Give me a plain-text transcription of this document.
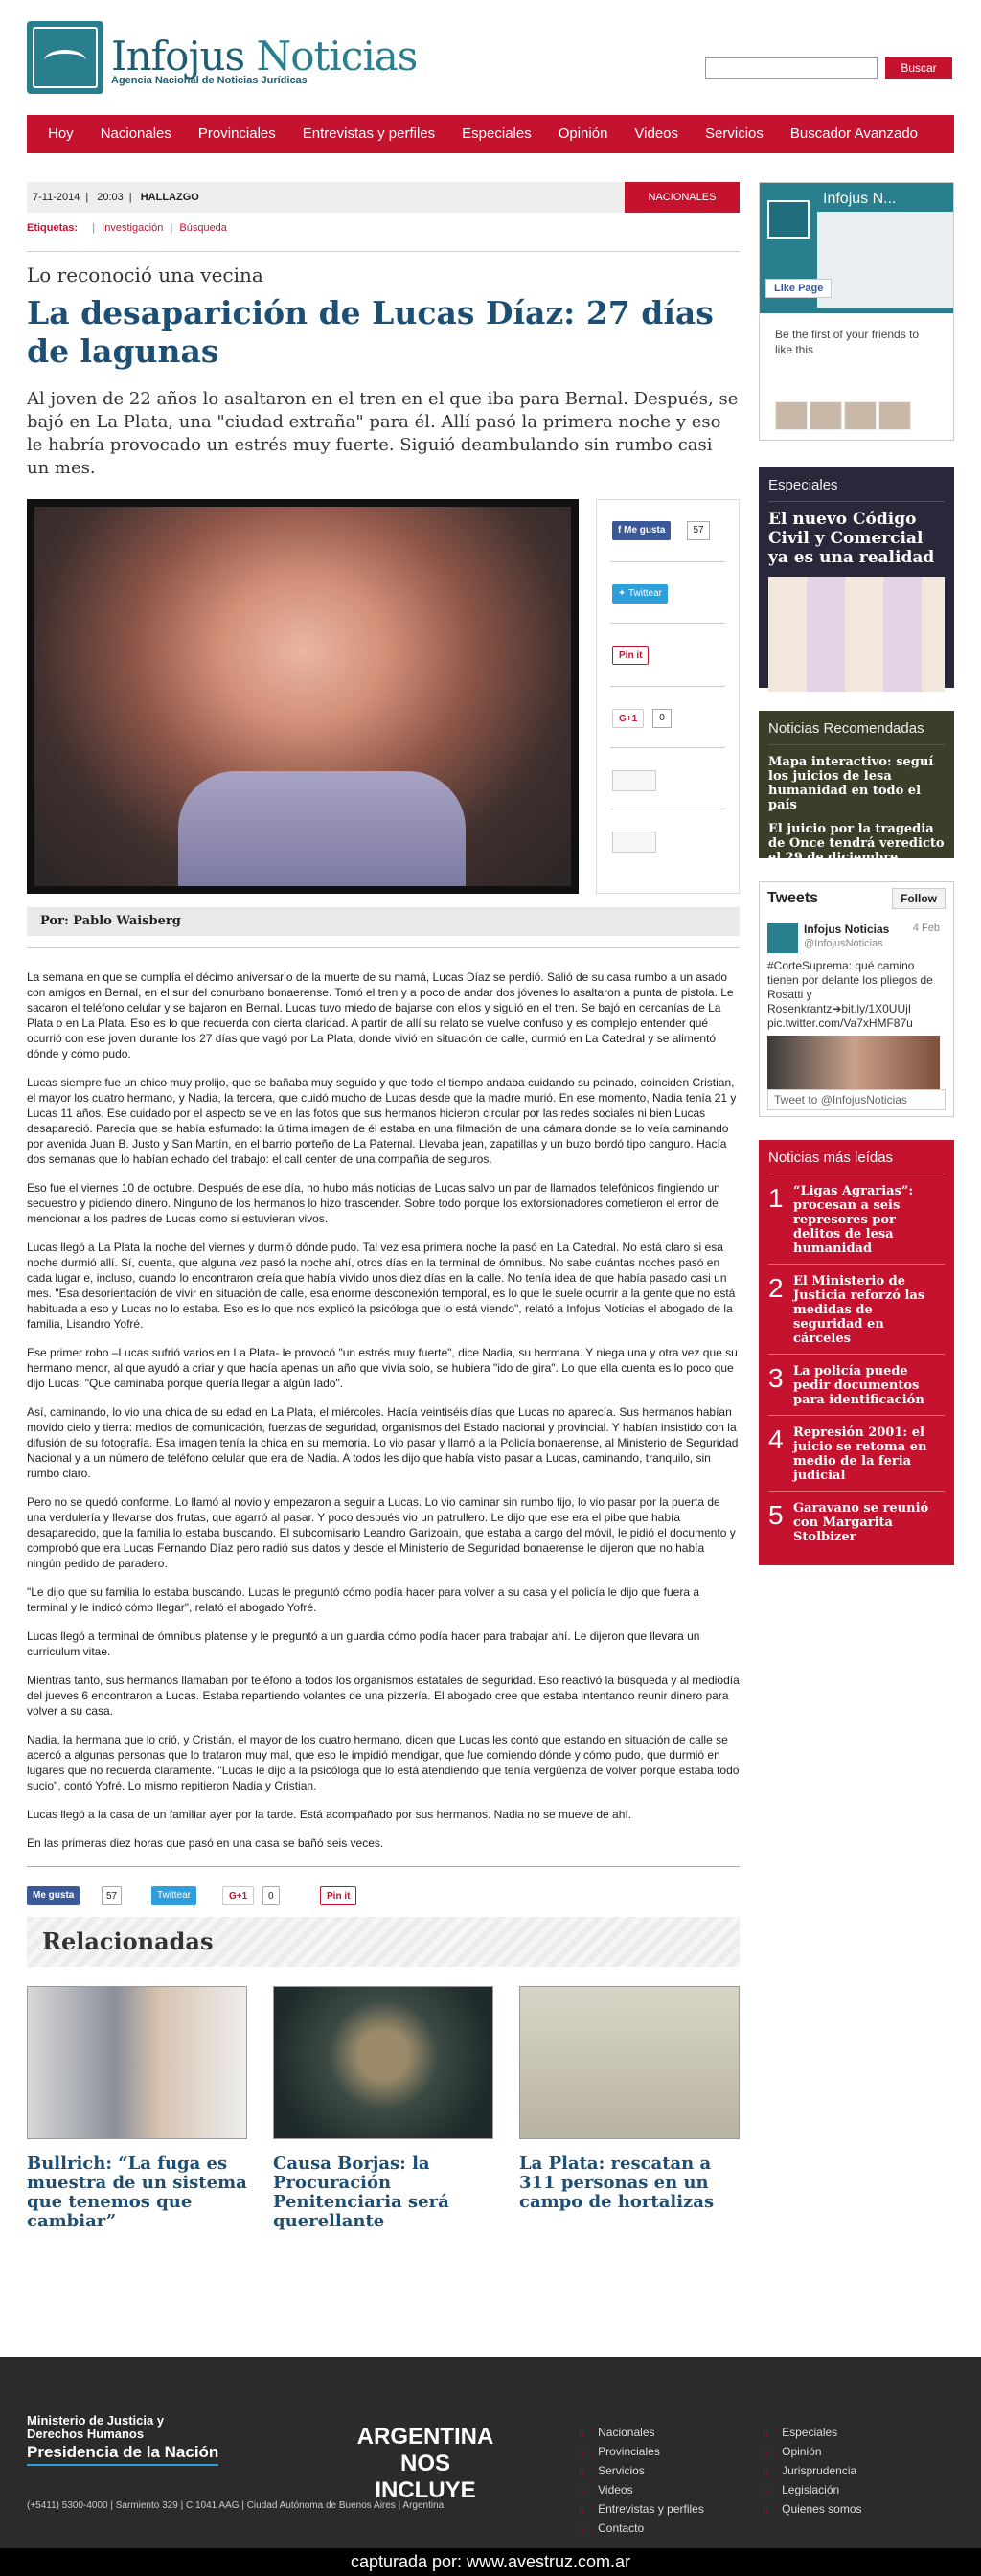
Infojus Noticias
Agencia Nacional de Noticias Jurídicas
Buscar
Hoy	Nacionales	Provinciales	Entrevistas y perfiles	Especiales	Opinión	Videos	Servicios	Buscador Avanzado
7-11-2014 | 20:03 | HALLAZGO	NACIONALES
Etiquetas: | Investigación | Búsqueda
Lo reconoció una vecina
La desaparición de Lucas Díaz: 27 días de lagunas
Al joven de 22 años lo asaltaron en el tren en el que iba para Bernal. Después, se bajó en La Plata, una "ciudad extraña" para él. Allí pasó la primera noche y eso le habría provocado un estrés muy fuerte. Siguió deambulando sin rumbo casi un mes.
f Me gusta	57
✦ Twittear
Pin it
G+1	0
Por: Pablo Waisberg

La semana en que se cumplía el décimo aniversario de la muerte de su mamá, Lucas Díaz se perdió. Salió de su casa rumbo a un asado con amigos en Bernal, en el sur del conurbano bonaerense. Tomó el tren y a poco de andar dos jóvenes lo asaltaron a punta de pistola. Le sacaron el teléfono celular y se bajaron en Bernal. Lucas tuvo miedo de bajarse con ellos y siguió en el tren. Se bajó en cercanías de La Plata o en La Plata. Eso es lo que recuerda con cierta claridad. A partir de allí su relato se vuelve confuso y es complejo entender qué ocurrió con ese joven durante los 27 días que vagó por La Plata, donde vivió en situación de calle, durmió en La Catedral y se alimentó dónde y cómo pudo.

Lucas siempre fue un chico muy prolijo, que se bañaba muy seguido y que todo el tiempo andaba cuidando su peinado, coinciden Cristian, el mayor los cuatro hermano, y Nadia, la tercera, que cuidó mucho de Lucas desde que la madre murió. En ese momento, Nadia tenía 21 y Lucas 11 años. Ese cuidado por el aspecto se ve en las fotos que sus hermanos hicieron circular por las redes sociales ni bien Lucas desapareció. Parecía que se había esfumado: la última imagen de él estaba en una filmación de una cámara donde se lo veía caminando por avenida Juan B. Justo y San Martín, en el barrio porteño de La Paternal. Llevaba jean, zapatillas y un buzo bordó tipo canguro. Hacía dos semanas que lo habían echado del trabajo: el call center de una compañía de seguros.

Eso fue el viernes 10 de octubre. Después de ese día, no hubo más noticias de Lucas salvo un par de llamados telefónicos fingiendo un secuestro y pidiendo dinero. Ninguno de los hermanos lo hizo trascender. Sobre todo porque los extorsionadores cometieron el error de mencionar a los padres de Lucas como si estuvieran vivos.

Lucas llegó a La Plata la noche del viernes y durmió dónde pudo. Tal vez esa primera noche la pasó en La Catedral. No está claro si esa noche durmió allí. Sí, cuenta, que alguna vez pasó la noche ahí, otros días en la terminal de ómnibus. No sabe cuántas noches pasó en cada lugar e, incluso, cuando lo encontraron creía que había vivido unos diez días en la calle. No tenía idea de que había pasado casi un mes. "Esa desorientación de vivir en situación de calle, esa enorme desconexión temporal, es lo que le suele ocurrir a la gente que no está habituada a eso y Lucas no lo estaba. Eso es lo que nos explicó la psicóloga que lo está viendo", relató a Infojus Noticias el abogado de la familia, Lisandro Yofré.

Ese primer robo –Lucas sufrió varios en La Plata- le provocó "un estrés muy fuerte", dice Nadia, su hermana. Y niega una y otra vez que su hermano menor, al que ayudó a criar y que hacía apenas un año que vivía solo, se hubiera "ido de gira". Lo que ella cuenta es lo poco que dijo Lucas: "Que caminaba porque quería llegar a algún lado".

Así, caminando, lo vio una chica de su edad en La Plata, el miércoles. Hacía veintiséis días que Lucas no aparecía. Sus hermanos habían movido cielo y tierra: medios de comunicación, fuerzas de seguridad, organismos del Estado nacional y provincial. Y habían insistido con la difusión de su fotografía. Esa imagen tenía la chica en su memoria. Lo vio pasar y llamó a la Policía bonaerense, al Ministerio de Seguridad Nacional y a un número de teléfono celular que era de Nadia. A todos les dijo que había visto pasar a Lucas, caminando, tranquilo, sin rumbo claro.

Pero no se quedó conforme. Lo llamó al novio y empezaron a seguir a Lucas. Lo vio caminar sin rumbo fijo, lo vio pasar por la puerta de una verdulería y llevarse dos frutas, que agarró al pasar. Y poco después vio un patrullero. Le dijo que ese era el pibe que había desaparecido, que la familia lo estaba buscando. El subcomisario Leandro Garizoain, que estaba a cargo del móvil, le pidió el documento y comprobó que era Lucas Fernando Díaz pero radió sus datos y desde el Ministerio de Seguridad bonaerense le dijeron que no había ningún pedido de paradero.

"Le dijo que su familia lo estaba buscando. Lucas le preguntó cómo podía hacer para volver a su casa y el policía le dijo que fuera a terminal y le indicó cómo llegar", relató el abogado Yofré.

Lucas llegó a terminal de ómnibus platense y le preguntó a un guardia cómo podía hacer para trabajar ahí. Le dijeron que llevara un curriculum vitae.

Mientras tanto, sus hermanos llamaban por teléfono a todos los organismos estatales de seguridad. Eso reactivó la búsqueda y al mediodía del jueves 6 encontraron a Lucas. Estaba repartiendo volantes de una pizzería. El abogado cree que estaba intentando reunir dinero para volver a su casa.

Nadia, la hermana que lo crió, y Cristián, el mayor de los cuatro hermano, dicen que Lucas les contó que estando en situación de calle se acercó a algunas personas que lo trataron muy mal, que eso le impidió mendigar, que fue comiendo dónde y cómo pudo, que durmió en lugares que no recuerda claramente. "Lucas le dijo a la psicóloga que lo está atendiendo que tenía vergüenza de volver porque estaba todo sucio", contó Yofré. Lo mismo repitieron Nadia y Cristian.

Lucas llegó a la casa de un familiar ayer por la tarde. Está acompañado por sus hermanos. Nadia no se mueve de ahí.

En las primeras diez horas que pasó en una casa se bañó seis veces.

Me gusta	57	Twittear	G+1	0	Pin it
Relacionadas
Bullrich: “La fuga es muestra de un sistema que tenemos que cambiar”
Causa Borjas: la Procuración Penitenciaria será querellante
La Plata: rescatan a 311 personas en un campo de hortalizas
Infojus N...
Like Page
Be the first of your friends to like this
Especiales
El nuevo Código Civil y Comercial ya es una realidad
Noticias Recomendadas
Mapa interactivo: seguí los juicios de lesa humanidad en todo el país
El juicio por la tragedia de Once tendrá veredicto el 29 de diciembre
Tweets	Follow
Infojus Noticias
@InfojusNoticias
4 Feb
#CorteSuprema: qué camino tienen por delante los pliegos de Rosatti y Rosenkrantz➔bit.ly/1X0UUjI pic.twitter.com/Va7xHMF87u
Tweet to @InfojusNoticias
Noticias más leídas
1 “Ligas Agrarias”: procesan a seis represores por delitos de lesa humanidad
2 El Ministerio de Justicia reforzó las medidas de seguridad en cárceles
3 La policía puede pedir documentos para identificación
4 Represión 2001: el juicio se retoma en medio de la feria judicial
5 Garavano se reunió con Margarita Stolbizer
Ministerio de Justicia y Derechos Humanos
Presidencia de la Nación
ARGENTINA NOS INCLUYE
(+5411) 5300-4000 | Sarmiento 329 | C 1041 AAG | Ciudad Autónoma de Buenos Aires | Argentina
:: Nacionales
:: Provinciales
:: Servicios
:: Videos
:: Entrevistas y perfiles
:: Contacto
:: Especiales
:: Opinión
:: Jurisprudencia
:: Legislación
:: Quienes somos
capturada por: www.avestruz.com.ar
